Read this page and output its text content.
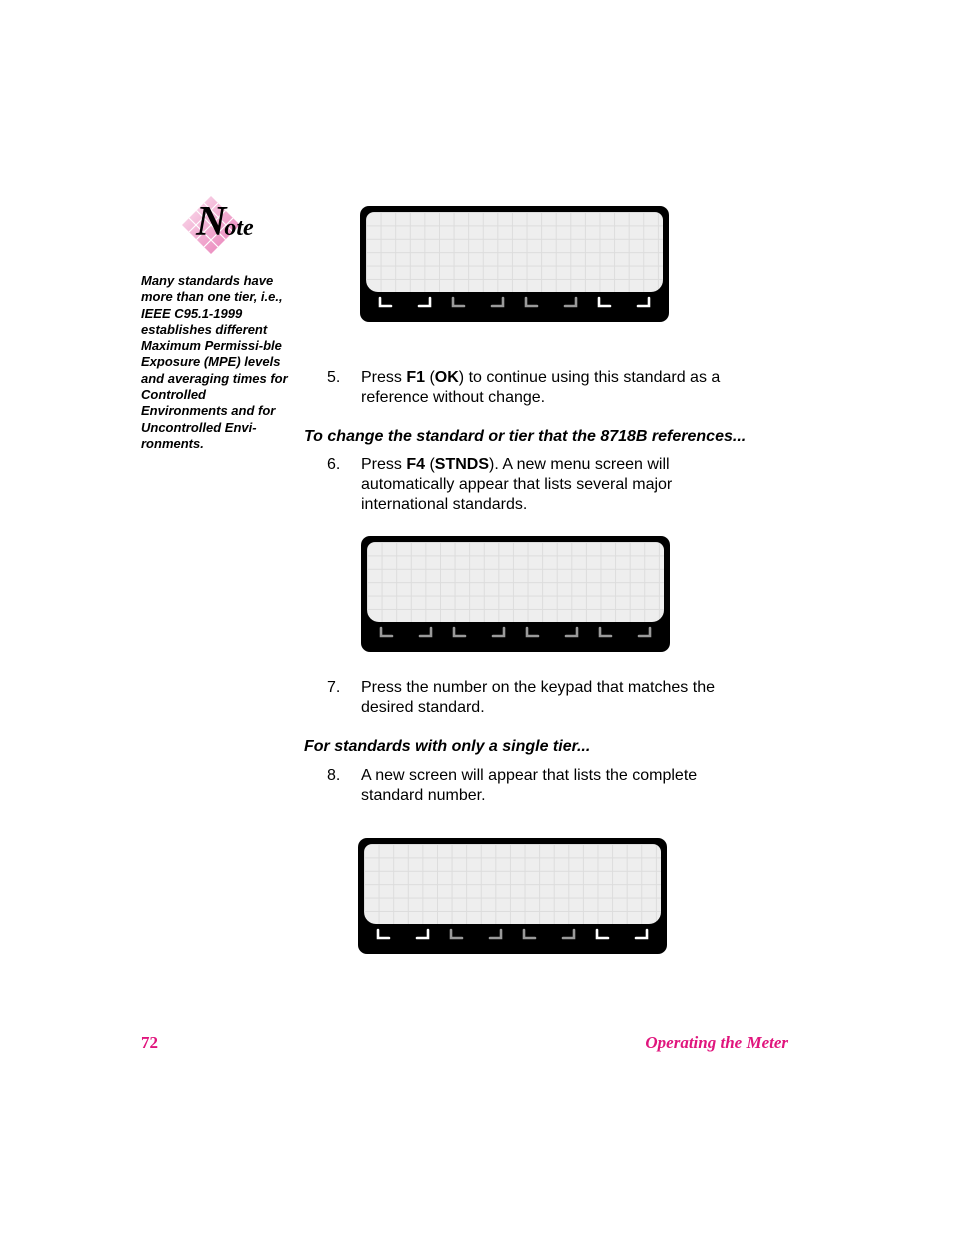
Note
Many standards have more than one tier, i.e., IEEE C95.1-1999 establishes different Maximum Permissi-ble Exposure (MPE) levels and averaging times for Controlled Environments and for Uncontrolled Envi-ronments.
5. Press F1 (OK) to continue using this standard as a reference without change.
To change the standard or tier that the 8718B references...
6. Press F4 (STNDS). A new menu screen will automatically appear that lists several major international standards.
7. Press the number on the keypad that matches the desired standard.
For standards with only a single tier...
8. A new screen will appear that lists the complete standard number.
72	Operating the Meter
